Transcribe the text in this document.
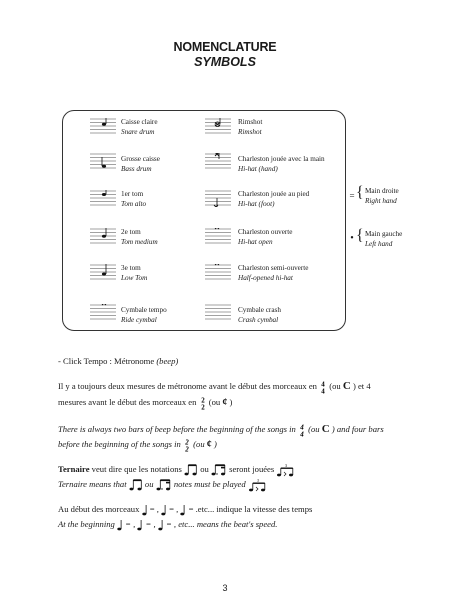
NOMENCLATURE
SYMBOLS
Caisse claire
Snare drum
Rimshot
Rimshot
Grosse caisse
Bass drum
Charleston jouée avec la main
Hi-hat (hand)
1er tom
Tom alto
Charleston jouée au pied
Hi-hat (foot)
2e tom
Tom medium
Charleston ouverte
Hi-hat open
3e tom
Low Tom
Charleston semi-ouverte
Half-opened hi-hat
Cymbale tempo
Ride cymbal
Cymbale crash
Crash cymbal
= { Main droite
Right hand
• { Main gauche
Left hand
- Click Tempo : Métronome (beep)
Il y a toujours deux mesures de métronome avant le début des morceaux en 4
4
(ou C ) et 4
mesures avant le début des morceaux en 2
2
(ou ¢ )
There is always two bars of beep before the beginning of the songs in 4
4
(ou C ) and four bars
before the beginning of the songs in 2
2
(ou ¢ )
Ternaire veut dire que les notations ou seront jouées	3
Ternaire means that ou notes must be played	3
Au début des morceaux = , = , = .etc... indique la vitesse des temps
At the beginning = , = , = , etc... means the beat's speed.
3
